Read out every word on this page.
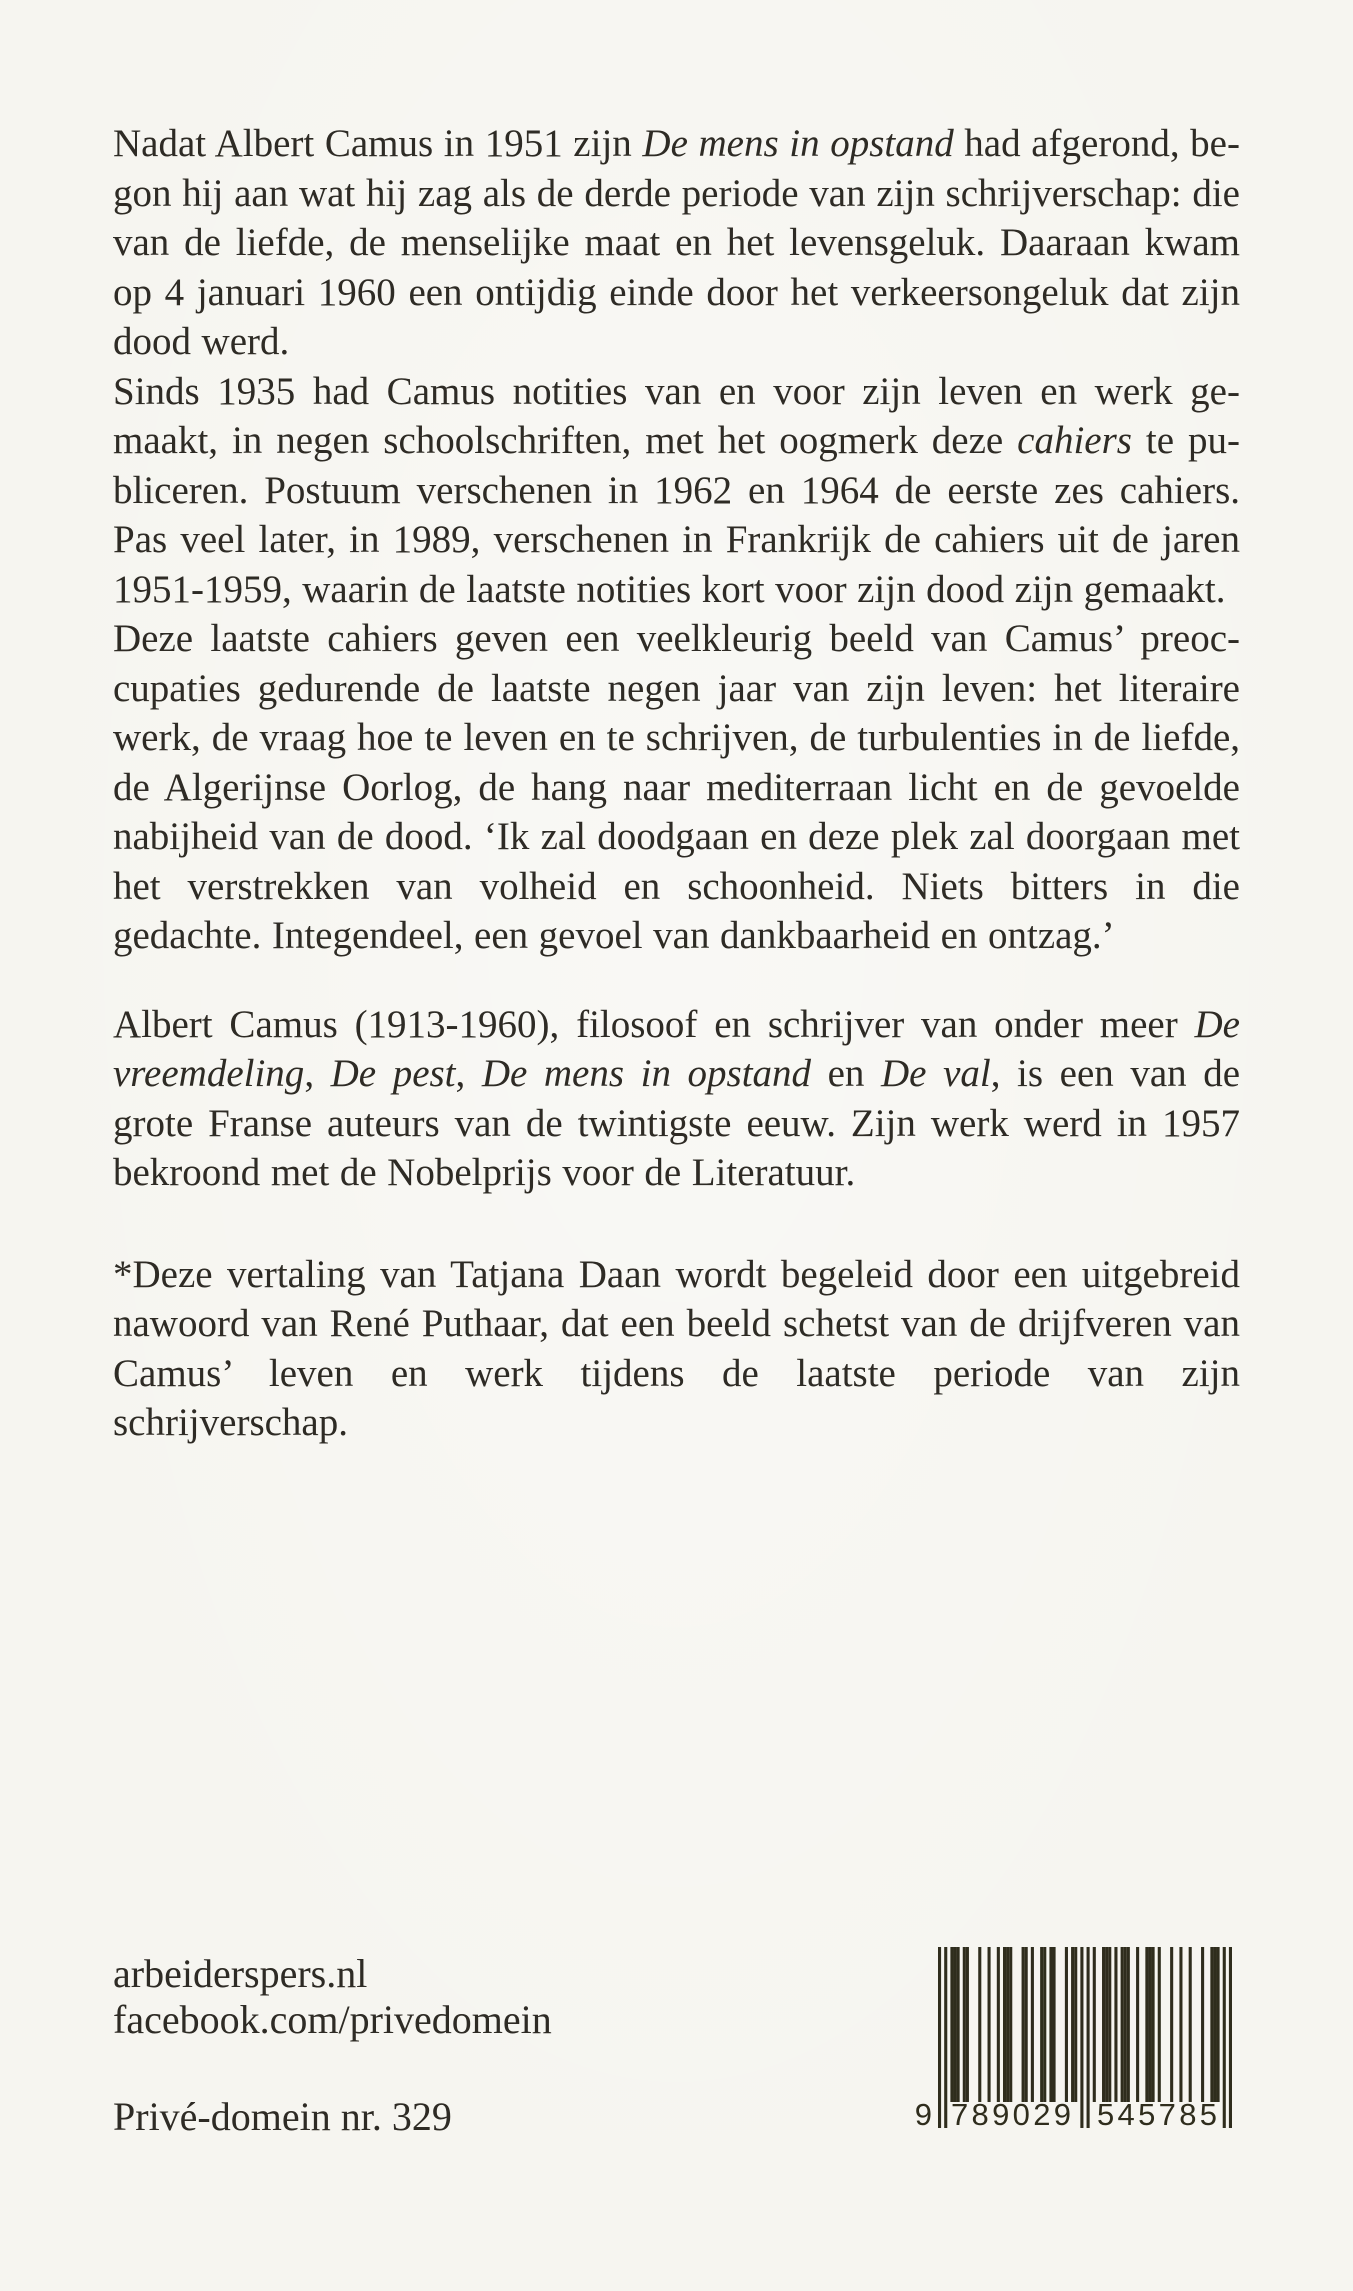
Nadat Albert Camus in 1951 zijn De mens in opstand had afgerond, begon hij aan wat hij zag als de derde periode van zijn schrijverschap: die van de liefde, de menselijke maat en het levensgeluk. Daaraan kwam op 4 januari 1960 een ontijdig einde door het verkeersongeluk dat zijn dood werd.

Sinds 1935 had Camus notities van en voor zijn leven en werk gemaakt, in negen schoolschriften, met het oogmerk deze cahiers te publiceren. Postuum verschenen in 1962 en 1964 de eerste zes cahiers. Pas veel later, in 1989, verschenen in Frankrijk de cahiers uit de jaren 1951-1959, waarin de laatste notities kort voor zijn dood zijn gemaakt.

Deze laatste cahiers geven een veelkleurig beeld van Camus’ preoccupaties gedurende de laatste negen jaar van zijn leven: het literaire werk, de vraag hoe te leven en te schrijven, de turbulenties in de liefde, de Algerijnse Oorlog, de hang naar mediterraan licht en de gevoelde nabijheid van de dood. ‘Ik zal doodgaan en deze plek zal doorgaan met het verstrekken van volheid en schoonheid. Niets bitters in die gedachte. Integendeel, een gevoel van dankbaarheid en ontzag.’

Albert Camus (1913-1960), filosoof en schrijver van onder meer De vreemdeling, De pest, De mens in opstand en De val, is een van de grote Franse auteurs van de twintigste eeuw. Zijn werk werd in 1957 bekroond met de Nobelprijs voor de Literatuur.

*Deze vertaling van Tatjana Daan wordt begeleid door een uitgebreid nawoord van René Puthaar, dat een beeld schetst van de drijfveren van Camus’ leven en werk tijdens de laatste periode van zijn schrijverschap.

arbeiderspers.nl
facebook.com/privedomein
Privé-domein nr. 329	9 7 8 9 0 2 9 5 4 5 7 8 5
